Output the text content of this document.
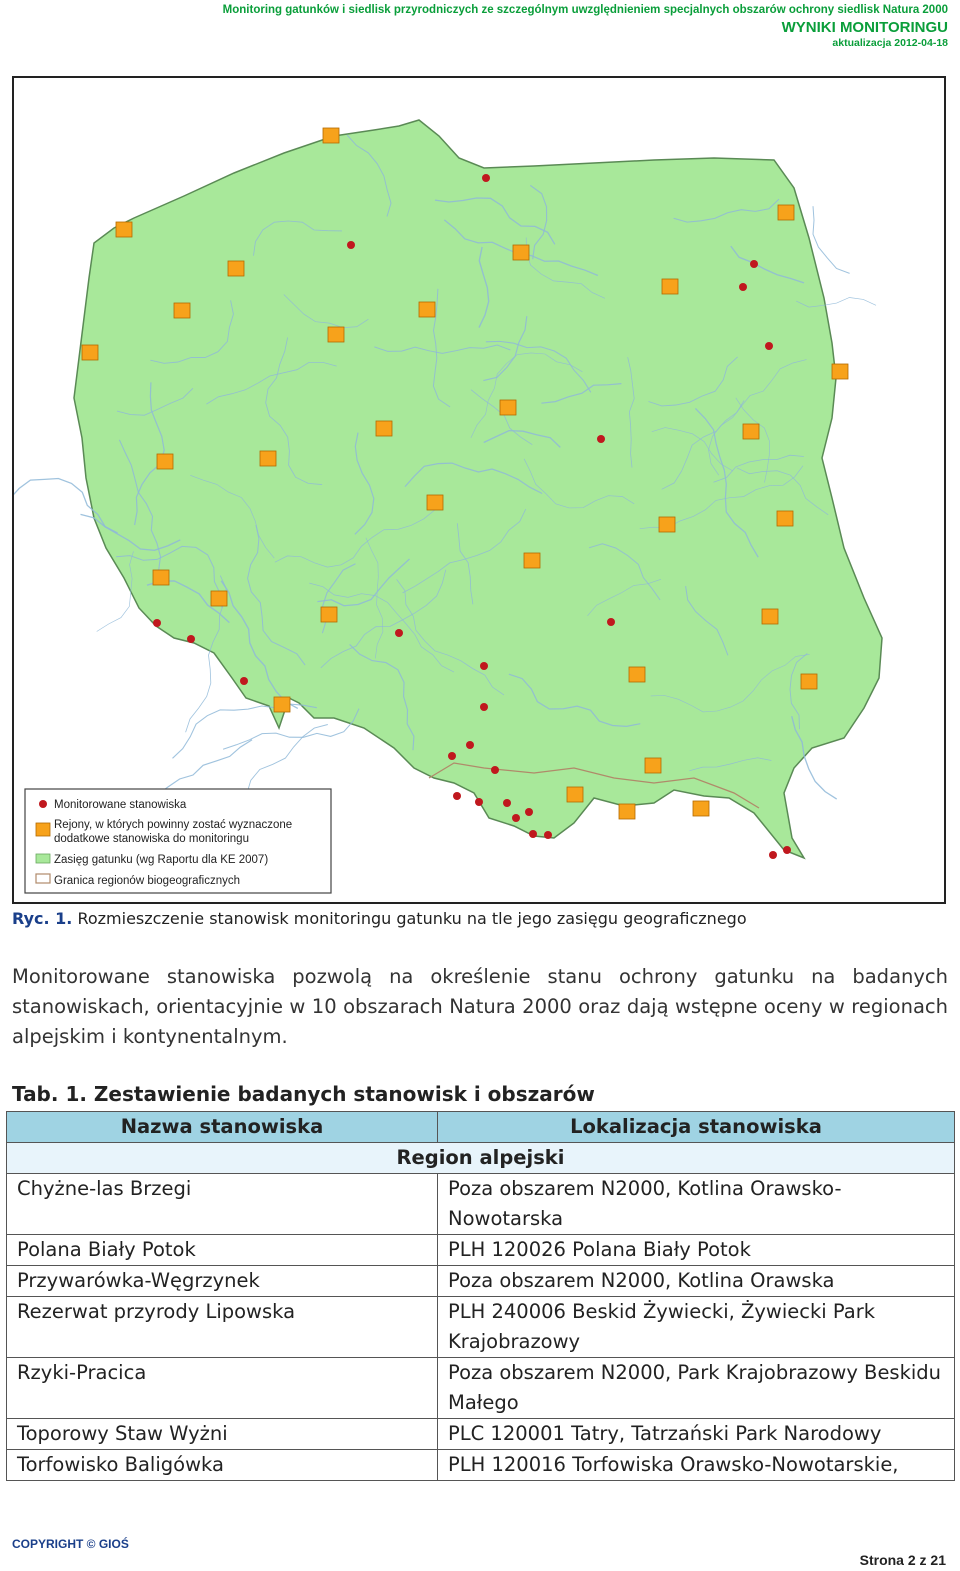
Monitoring gatunków i siedlisk przyrodniczych ze szczególnym uwzględnieniem specjalnych obszarów ochrony siedlisk Natura 2000
WYNIKI MONITORINGU
aktualizacja 2012-04-18
Monitorowane stanowiska
Rejony, w których powinny zostać wyznaczone
dodatkowe stanowiska do monitoringu
Zasięg gatunku (wg Raportu dla KE 2007)
Granica regionów biogeograficznych
Ryc. 1. Rozmieszczenie stanowisk monitoringu gatunku na tle jego zasięgu geograficznego
Monitorowane stanowiska pozwolą na określenie stanu ochrony gatunku na badanych stanowiskach, orientacyjnie w 10 obszarach Natura 2000 oraz dają wstępne oceny w regionach alpejskim i kontynentalnym.
Tab. 1. Zestawienie badanych stanowisk i obszarów
Nazwa stanowiska	Lokalizacja stanowiska
Region alpejski	
Chyżne-las Brzegi	Poza obszarem N2000, Kotlina Orawsko-Nowotarska
Polana Biały Potok	PLH 120026 Polana Biały Potok
Przywarówka-Węgrzynek	Poza obszarem N2000, Kotlina Orawska
Rezerwat przyrody Lipowska	PLH 240006 Beskid Żywiecki, Żywiecki Park Krajobrazowy
Rzyki-Pracica	Poza obszarem N2000, Park Krajobrazowy Beskidu Małego
Toporowy Staw Wyżni	PLC 120001 Tatry, Tatrzański Park Narodowy
Torfowisko Baligówka	PLH 120016 Torfowiska Orawsko-Nowotarskie,
COPYRIGHT © GIOŚ
Strona 2 z 21
